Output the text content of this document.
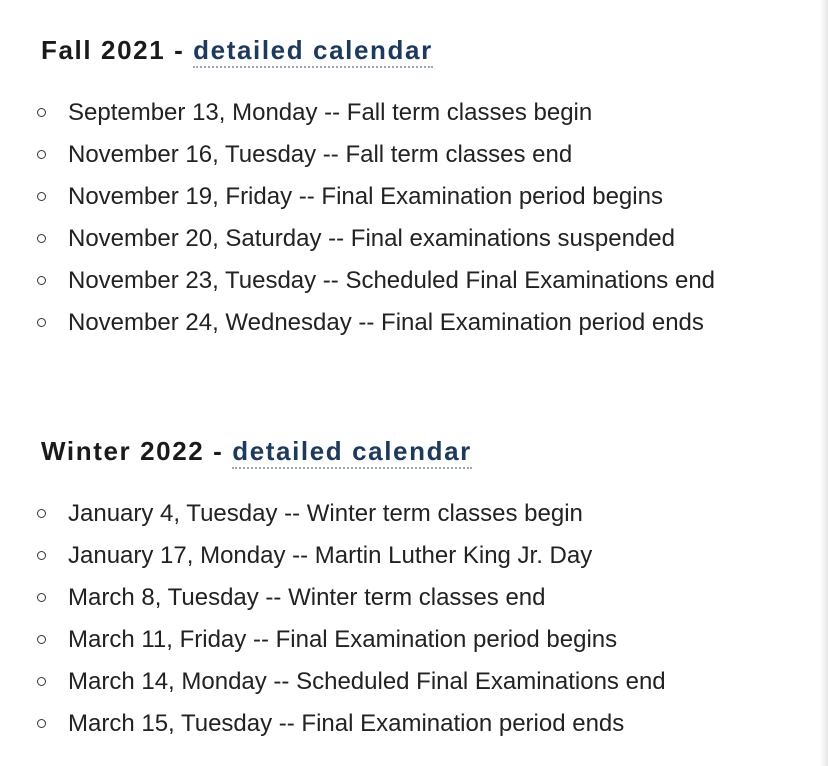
Fall 2021 - detailed calendar
September 13, Monday -- Fall term classes begin
November 16, Tuesday -- Fall term classes end
November 19, Friday -- Final Examination period begins
November 20, Saturday -- Final examinations suspended
November 23, Tuesday -- Scheduled Final Examinations end
November 24, Wednesday -- Final Examination period ends
Winter 2022 - detailed calendar
January 4, Tuesday -- Winter term classes begin
January 17, Monday -- Martin Luther King Jr. Day
March 8, Tuesday -- Winter term classes end
March 11, Friday -- Final Examination period begins
March 14, Monday -- Scheduled Final Examinations end
March 15, Tuesday -- Final Examination period ends
